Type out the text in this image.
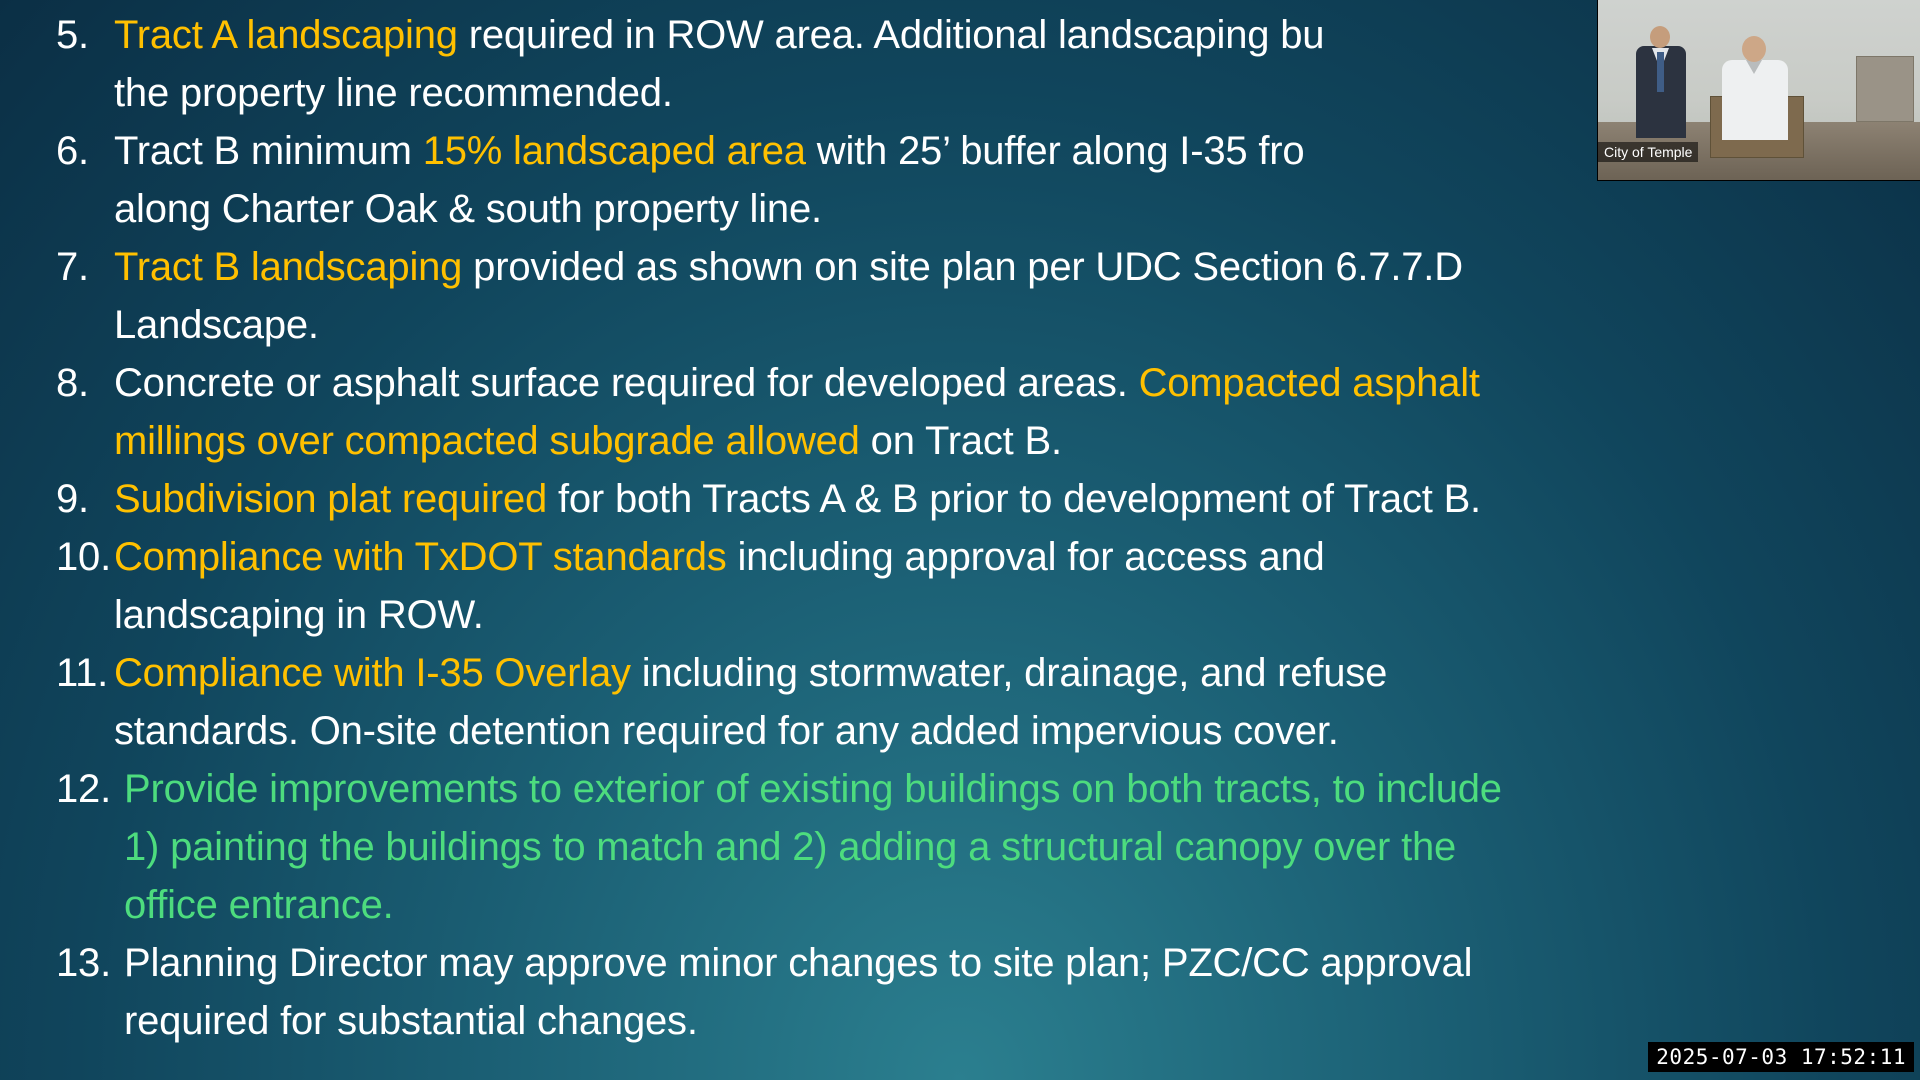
5. Tract A landscaping required in ROW area. Additional landscaping bu
the property line recommended.
6. Tract B minimum 15% landscaped area with 25’ buffer along I-35 fro
along Charter Oak & south property line.
7. Tract B landscaping provided as shown on site plan per UDC Section 6.7.7.D
Landscape.
8. Concrete or asphalt surface required for developed areas. Compacted asphalt
millings over compacted subgrade allowed on Tract B.
9. Subdivision plat required for both Tracts A & B prior to development of Tract B.
10. Compliance with TxDOT standards including approval for access and
landscaping in ROW.
11. Compliance with I-35 Overlay including stormwater, drainage, and refuse
standards. On-site detention required for any added impervious cover.
12. Provide improvements to exterior of existing buildings on both tracts, to include
1) painting the buildings to match and 2) adding a structural canopy over the
office entrance.
13. Planning Director may approve minor changes to site plan; PZC/CC approval
required for substantial changes.
City of Temple
2025-07-03 17:52:11
